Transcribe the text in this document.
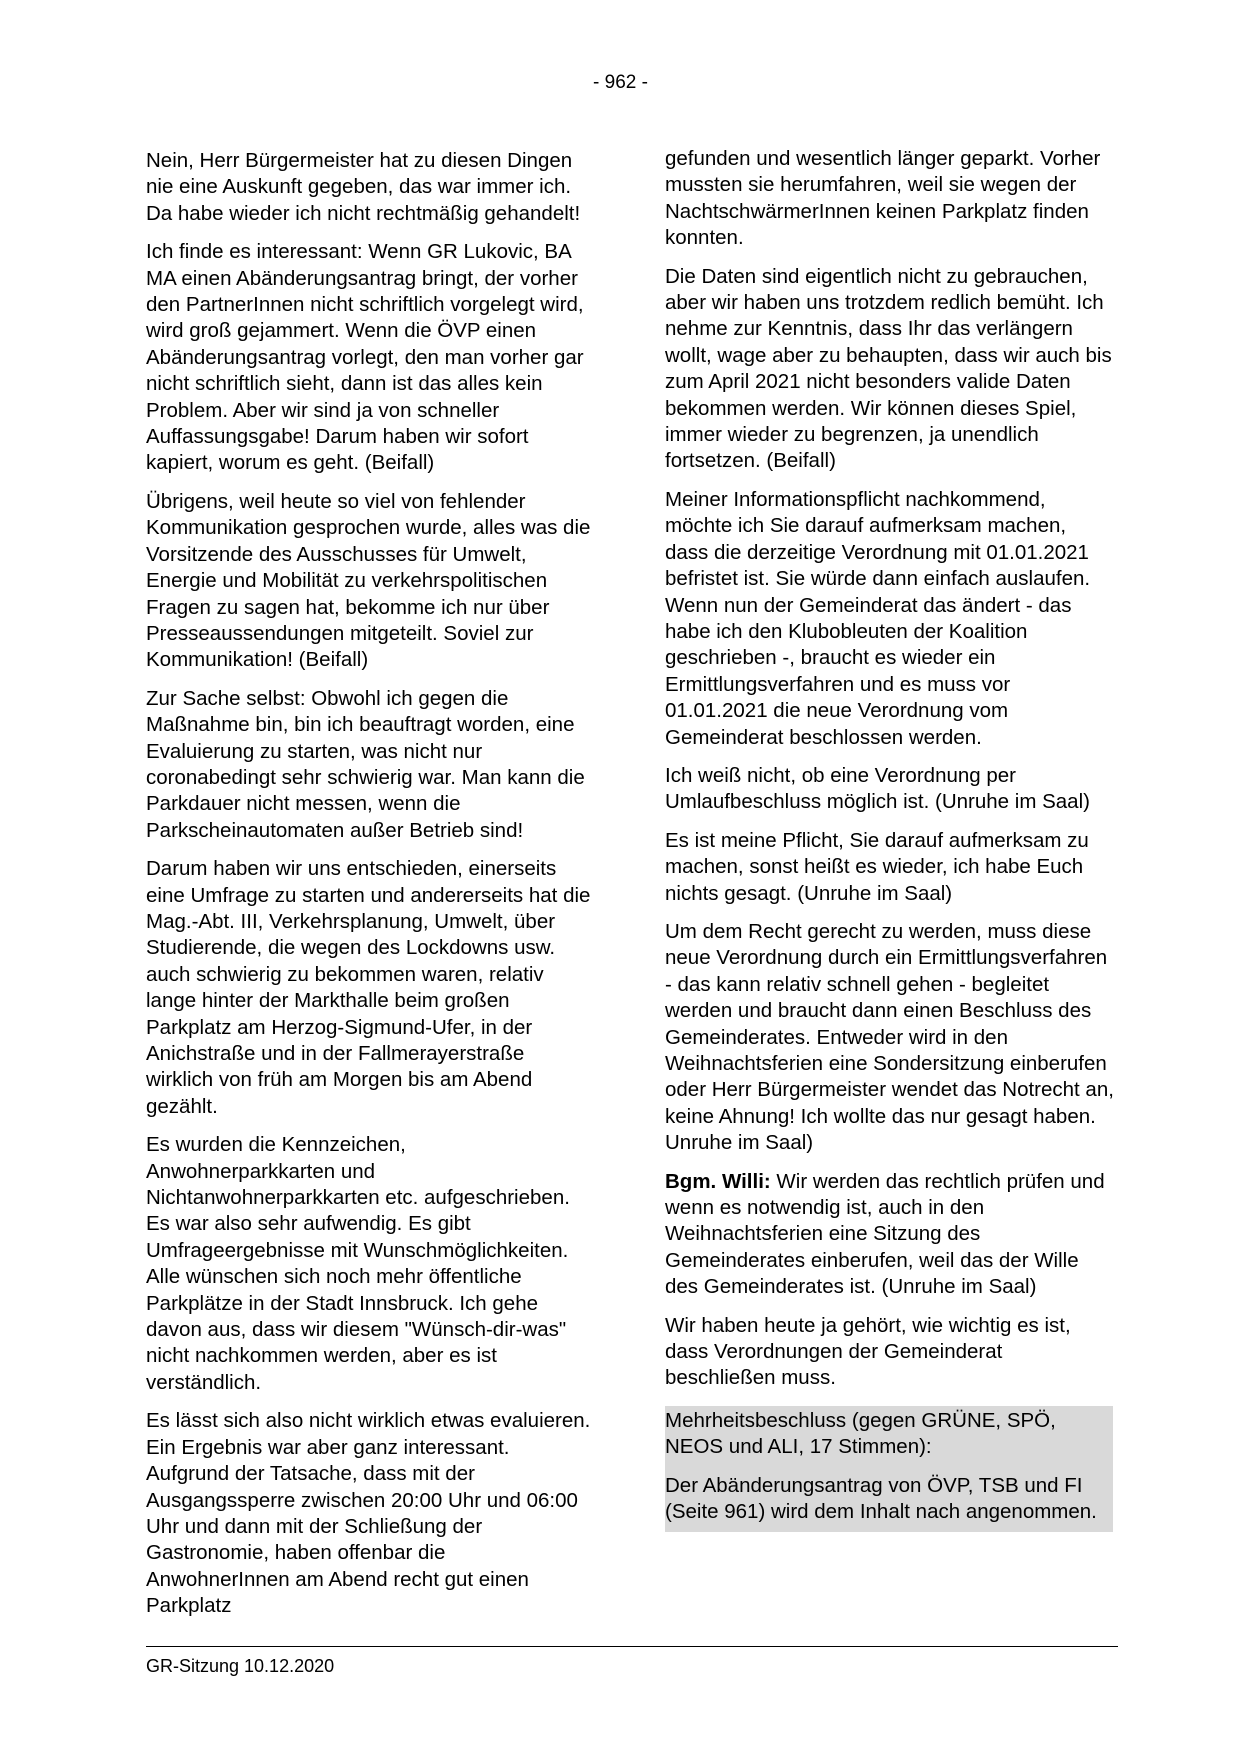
- 962 -

Nein, Herr Bürgermeister hat zu diesen Dingen nie eine Auskunft gegeben, das war immer ich. Da habe wieder ich nicht rechtmäßig gehandelt!

Ich finde es interessant: Wenn GR Lukovic, BA MA einen Abänderungsantrag bringt, der vorher den PartnerInnen nicht schriftlich vorgelegt wird, wird groß gejammert. Wenn die ÖVP einen Abänderungsantrag vorlegt, den man vorher gar nicht schriftlich sieht, dann ist das alles kein Problem. Aber wir sind ja von schneller Auffassungsgabe! Darum haben wir sofort kapiert, worum es geht. (Beifall)

Übrigens, weil heute so viel von fehlender Kommunikation gesprochen wurde, alles was die Vorsitzende des Ausschusses für Umwelt, Energie und Mobilität zu verkehrspolitischen Fragen zu sagen hat, bekomme ich nur über Presseaussendungen mitgeteilt. Soviel zur Kommunikation! (Beifall)

Zur Sache selbst: Obwohl ich gegen die Maßnahme bin, bin ich beauftragt worden, eine Evaluierung zu starten, was nicht nur coronabedingt sehr schwierig war. Man kann die Parkdauer nicht messen, wenn die Parkscheinautomaten außer Betrieb sind!

Darum haben wir uns entschieden, einerseits eine Umfrage zu starten und andererseits hat die Mag.-Abt. III, Verkehrsplanung, Umwelt, über Studierende, die wegen des Lockdowns usw. auch schwierig zu bekommen waren, relativ lange hinter der Markthalle beim großen Parkplatz am Herzog-Sigmund-Ufer, in der Anichstraße und in der Fallmerayerstraße wirklich von früh am Morgen bis am Abend gezählt.

Es wurden die Kennzeichen, Anwohnerparkkarten und Nichtanwohnerparkkarten etc. aufgeschrieben. Es war also sehr aufwendig. Es gibt Umfrageergebnisse mit Wunschmöglichkeiten. Alle wünschen sich noch mehr öffentliche Parkplätze in der Stadt Innsbruck. Ich gehe davon aus, dass wir diesem "Wünsch-dir-was" nicht nachkommen werden, aber es ist verständlich.

Es lässt sich also nicht wirklich etwas evaluieren. Ein Ergebnis war aber ganz interessant. Aufgrund der Tatsache, dass mit der Ausgangssperre zwischen 20:00 Uhr und 06:00 Uhr und dann mit der Schließung der Gastronomie, haben offenbar die AnwohnerInnen am Abend recht gut einen Parkplatz

gefunden und wesentlich länger geparkt. Vorher mussten sie herumfahren, weil sie wegen der NachtschwärmerInnen keinen Parkplatz finden konnten.

Die Daten sind eigentlich nicht zu gebrauchen, aber wir haben uns trotzdem redlich bemüht. Ich nehme zur Kenntnis, dass Ihr das verlängern wollt, wage aber zu behaupten, dass wir auch bis zum April 2021 nicht besonders valide Daten bekommen werden. Wir können dieses Spiel, immer wieder zu begrenzen, ja unendlich fortsetzen. (Beifall)

Meiner Informationspflicht nachkommend, möchte ich Sie darauf aufmerksam machen, dass die derzeitige Verordnung mit 01.01.2021 befristet ist. Sie würde dann einfach auslaufen. Wenn nun der Gemeinderat das ändert - das habe ich den Klubobleuten der Koalition geschrieben -, braucht es wieder ein Ermittlungsverfahren und es muss vor 01.01.2021 die neue Verordnung vom Gemeinderat beschlossen werden.

Ich weiß nicht, ob eine Verordnung per Umlaufbeschluss möglich ist. (Unruhe im Saal)

Es ist meine Pflicht, Sie darauf aufmerksam zu machen, sonst heißt es wieder, ich habe Euch nichts gesagt. (Unruhe im Saal)

Um dem Recht gerecht zu werden, muss diese neue Verordnung durch ein Ermittlungsverfahren - das kann relativ schnell gehen - begleitet werden und braucht dann einen Beschluss des Gemeinderates. Entweder wird in den Weihnachtsferien eine Sondersitzung einberufen oder Herr Bürgermeister wendet das Notrecht an, keine Ahnung! Ich wollte das nur gesagt haben. Unruhe im Saal)

Bgm. Willi: Wir werden das rechtlich prüfen und wenn es notwendig ist, auch in den Weihnachtsferien eine Sitzung des Gemeinderates einberufen, weil das der Wille des Gemeinderates ist. (Unruhe im Saal)

Wir haben heute ja gehört, wie wichtig es ist, dass Verordnungen der Gemeinderat beschließen muss.

Mehrheitsbeschluss (gegen GRÜNE, SPÖ, NEOS und ALI, 17 Stimmen):

Der Abänderungsantrag von ÖVP, TSB und FI (Seite 961) wird dem Inhalt nach angenommen.

GR-Sitzung 10.12.2020
